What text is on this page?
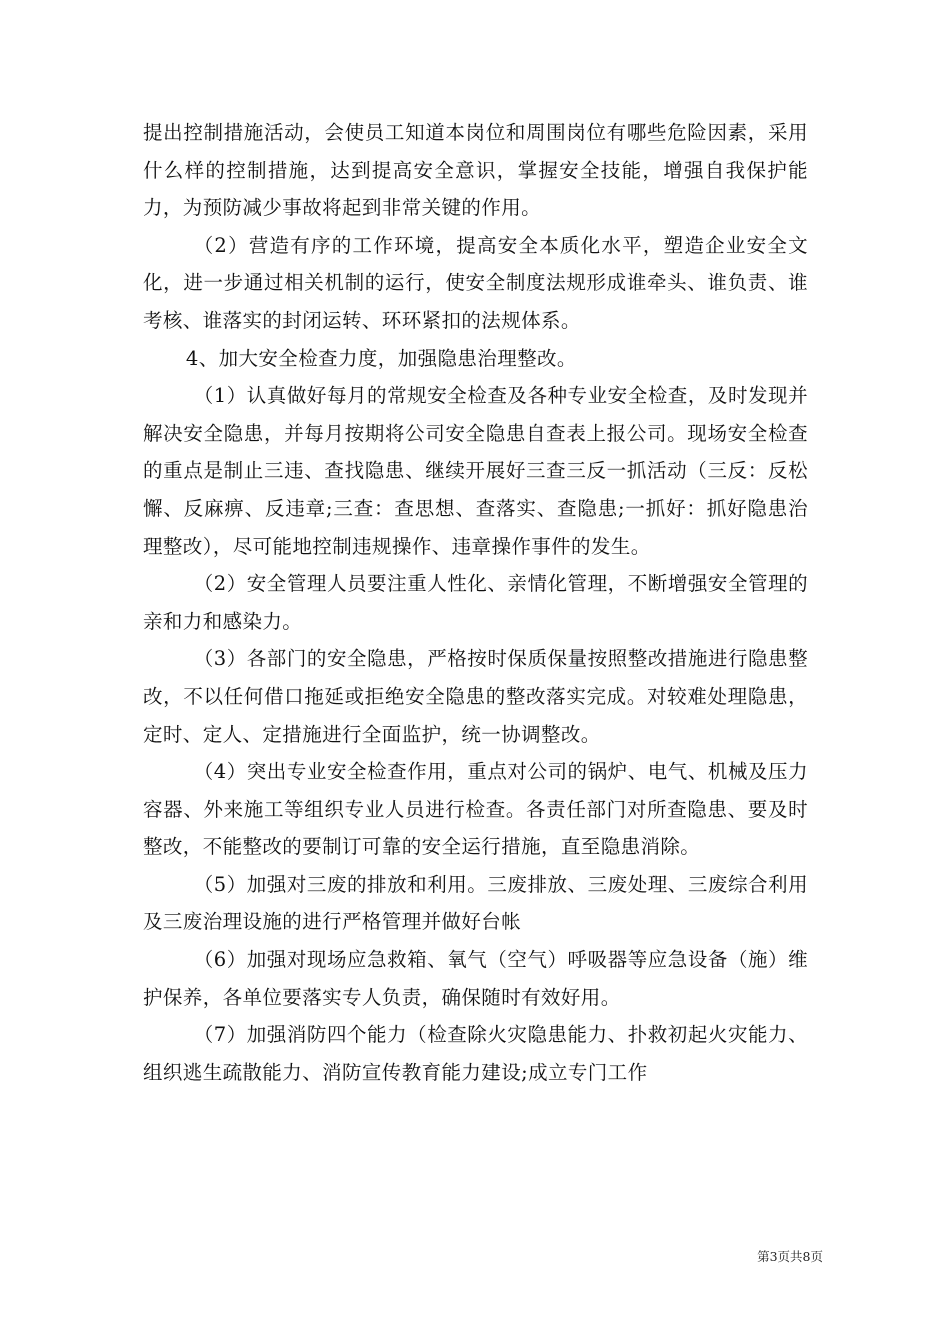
提出控制措施活动，会使员工知道本岗位和周围岗位有哪些危险因素，采用什么样的控制措施，达到提高安全意识，掌握安全技能，增强自我保护能力，为预防减少事故将起到非常关键的作用。

（2）营造有序的工作环境，提高安全本质化水平，塑造企业安全文化，进一步通过相关机制的运行，使安全制度法规形成谁牵头、谁负责、谁考核、谁落实的封闭运转、环环紧扣的法规体系。

4、加大安全检查力度，加强隐患治理整改。

（1）认真做好每月的常规安全检查及各种专业安全检查，及时发现并解决安全隐患，并每月按期将公司安全隐患自查表上报公司。现场安全检查的重点是制止三违、查找隐患、继续开展好三查三反一抓活动（三反：反松懈、反麻痹、反违章;三查：查思想、查落实、查隐患;一抓好：抓好隐患治理整改），尽可能地控制违规操作、违章操作事件的发生。

（2）安全管理人员要注重人性化、亲情化管理，不断增强安全管理的亲和力和感染力。

（3）各部门的安全隐患，严格按时保质保量按照整改措施进行隐患整改，不以任何借口拖延或拒绝安全隐患的整改落实完成。对较难处理隐患，定时、定人、定措施进行全面监护，统一协调整改。

（4）突出专业安全检查作用，重点对公司的锅炉、电气、机械及压力容器、外来施工等组织专业人员进行检查。各责任部门对所查隐患、要及时整改，不能整改的要制订可靠的安全运行措施，直至隐患消除。

（5）加强对三废的排放和利用。三废排放、三废处理、三废综合利用及三废治理设施的进行严格管理并做好台帐

（6）加强对现场应急救箱、氧气（空气）呼吸器等应急设备（施）维护保养，各单位要落实专人负责，确保随时有效好用。

（7）加强消防四个能力（检查除火灾隐患能力、扑救初起火灾能力、组织逃生疏散能力、消防宣传教育能力建设;成立专门工作

第3页共8页
